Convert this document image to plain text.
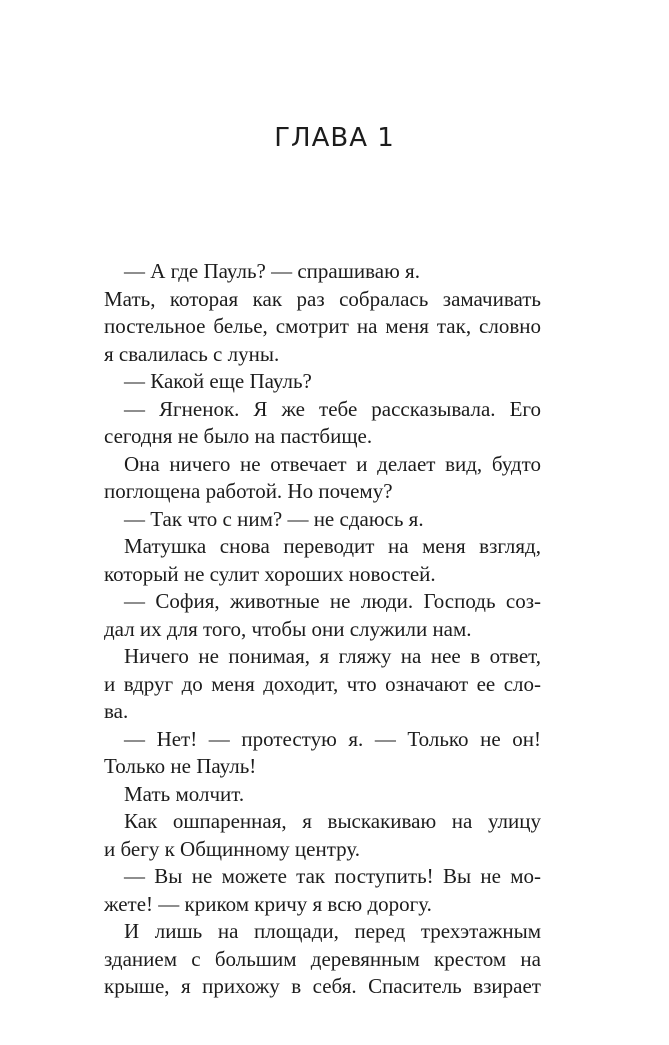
ГЛАВА 1
— А где Пауль? — спрашиваю я.
Мать, которая как раз собралась замачивать
постельное белье, смотрит на меня так, словно
я свалилась с луны.
— Какой еще Пауль?
— Ягненок. Я же тебе рассказывала. Его
сегодня не было на пастбище.
Она ничего не отвечает и делает вид, будто
поглощена работой. Но почему?
— Так что с ним? — не сдаюсь я.
Матушка снова переводит на меня взгляд,
который не сулит хороших новостей.
— София, животные не люди. Господь соз-
дал их для того, чтобы они служили нам.
Ничего не понимая, я гляжу на нее в ответ,
и вдруг до меня доходит, что означают ее сло-
ва.
— Нет! — протестую я. — Только не он!
Только не Пауль!
Мать молчит.
Как ошпаренная, я выскакиваю на улицу
и бегу к Общинному центру.
— Вы не можете так поступить! Вы не мо-
жете! — криком кричу я всю дорогу.
И лишь на площади, перед трехэтажным
зданием с большим деревянным крестом на
крыше, я прихожу в себя. Спаситель взирает
